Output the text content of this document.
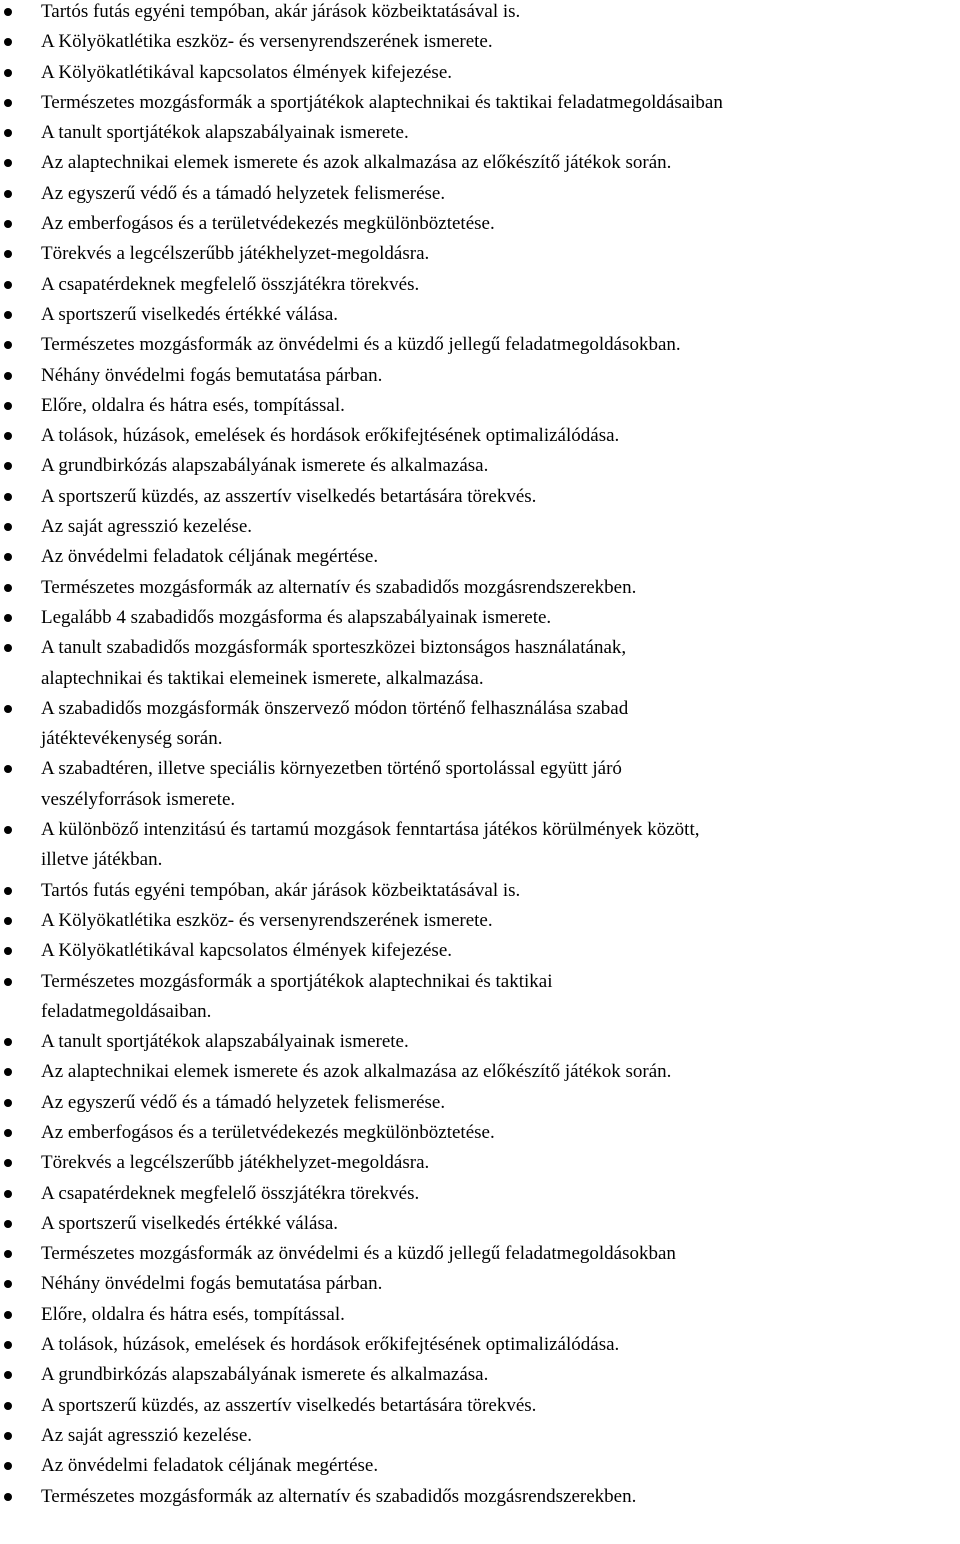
Tartós futás egyéni tempóban, akár járások közbeiktatásával is.
A Kölyökatlétika eszköz- és versenyrendszerének ismerete.
A Kölyökatlétikával kapcsolatos élmények kifejezése.
Természetes mozgásformák a sportjátékok alaptechnikai és taktikai feladatmegoldásaiban
A tanult sportjátékok alapszabályainak ismerete.
Az alaptechnikai elemek ismerete és azok alkalmazása az előkészítő játékok során.
Az egyszerű védő és a támadó helyzetek felismerése.
Az emberfogásos és a területvédekezés megkülönböztetése.
Törekvés a legcélszerűbb játékhelyzet-megoldásra.
A csapatérdeknek megfelelő összjátékra törekvés.
A sportszerű viselkedés értékké válása.
Természetes mozgásformák az önvédelmi és a küzdő jellegű feladatmegoldásokban.
Néhány önvédelmi fogás bemutatása párban.
Előre, oldalra és hátra esés, tompítással.
A tolások, húzások, emelések és hordások erőkifejtésének optimalizálódása.
A grundbirkózás alapszabályának ismerete és alkalmazása.
A sportszerű küzdés, az asszertív viselkedés betartására törekvés.
Az saját agresszió kezelése.
Az önvédelmi feladatok céljának megértése.
Természetes mozgásformák az alternatív és szabadidős mozgásrendszerekben.
Legalább 4 szabadidős mozgásforma és alapszabályainak ismerete.
A tanult szabadidős mozgásformák sporteszközei biztonságos használatának,
alaptechnikai és taktikai elemeinek ismerete, alkalmazása.
A szabadidős mozgásformák önszervező módon történő felhasználása szabad
játéktevékenység során.
A szabadtéren, illetve speciális környezetben történő sportolással együtt járó
veszélyforrások ismerete.
A különböző intenzitású és tartamú mozgások fenntartása játékos körülmények között,
illetve játékban.
Tartós futás egyéni tempóban, akár járások közbeiktatásával is.
A Kölyökatlétika eszköz- és versenyrendszerének ismerete.
A Kölyökatlétikával kapcsolatos élmények kifejezése.
Természetes mozgásformák a sportjátékok alaptechnikai és taktikai
feladatmegoldásaiban.
A tanult sportjátékok alapszabályainak ismerete.
Az alaptechnikai elemek ismerete és azok alkalmazása az előkészítő játékok során.
Az egyszerű védő és a támadó helyzetek felismerése.
Az emberfogásos és a területvédekezés megkülönböztetése.
Törekvés a legcélszerűbb játékhelyzet-megoldásra.
A csapatérdeknek megfelelő összjátékra törekvés.
A sportszerű viselkedés értékké válása.
Természetes mozgásformák az önvédelmi és a küzdő jellegű feladatmegoldásokban
Néhány önvédelmi fogás bemutatása párban.
Előre, oldalra és hátra esés, tompítással.
A tolások, húzások, emelések és hordások erőkifejtésének optimalizálódása.
A grundbirkózás alapszabályának ismerete és alkalmazása.
A sportszerű küzdés, az asszertív viselkedés betartására törekvés.
Az saját agresszió kezelése.
Az önvédelmi feladatok céljának megértése.
Természetes mozgásformák az alternatív és szabadidős mozgásrendszerekben.
